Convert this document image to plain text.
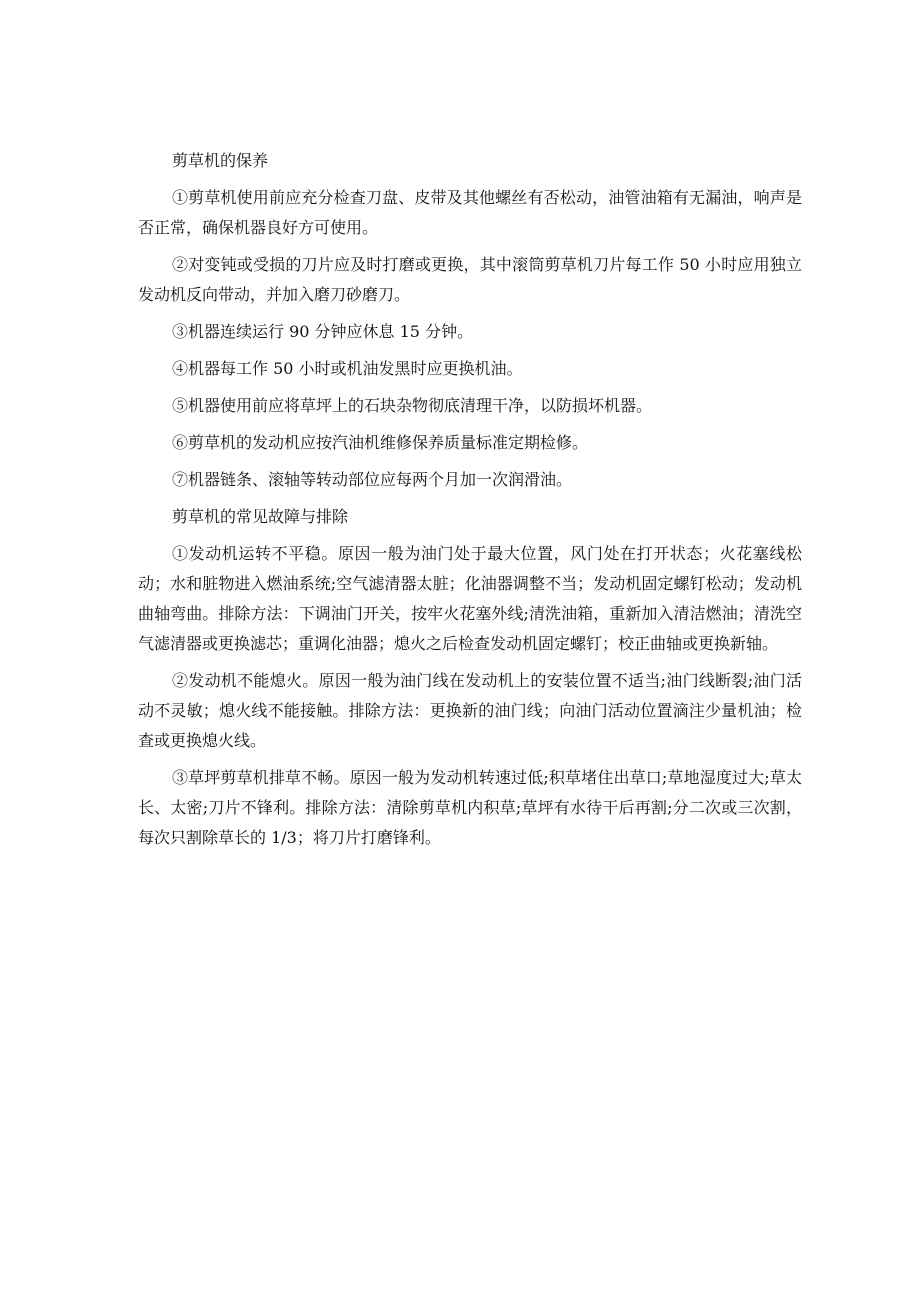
剪草机的保养

①剪草机使用前应充分检查刀盘、皮带及其他螺丝有否松动，油管油箱有无漏油，响声是否正常，确保机器良好方可使用。

②对变钝或受损的刀片应及时打磨或更换，其中滚筒剪草机刀片每工作 50 小时应用独立发动机反向带动，并加入磨刀砂磨刀。

③机器连续运行 90 分钟应休息 15 分钟。

④机器每工作 50 小时或机油发黑时应更换机油。

⑤机器使用前应将草坪上的石块杂物彻底清理干净，以防损坏机器。

⑥剪草机的发动机应按汽油机维修保养质量标准定期检修。

⑦机器链条、滚轴等转动部位应每两个月加一次润滑油。

剪草机的常见故障与排除

①发动机运转不平稳。原因一般为油门处于最大位置，风门处在打开状态；火花塞线松动；水和脏物进入燃油系统;空气滤清器太脏；化油器调整不当；发动机固定螺钉松动；发动机曲轴弯曲。排除方法：下调油门开关，按牢火花塞外线;清洗油箱，重新加入清洁燃油；清洗空气滤清器或更换滤芯；重调化油器；熄火之后检查发动机固定螺钉；校正曲轴或更换新轴。

②发动机不能熄火。原因一般为油门线在发动机上的安装位置不适当;油门线断裂;油门活动不灵敏；熄火线不能接触。排除方法：更换新的油门线；向油门活动位置滴注少量机油；检查或更换熄火线。

③草坪剪草机排草不畅。原因一般为发动机转速过低;积草堵住出草口;草地湿度过大;草太长、太密;刀片不锋利。排除方法：清除剪草机内积草;草坪有水待干后再割;分二次或三次割，每次只割除草长的 1/3；将刀片打磨锋利。
